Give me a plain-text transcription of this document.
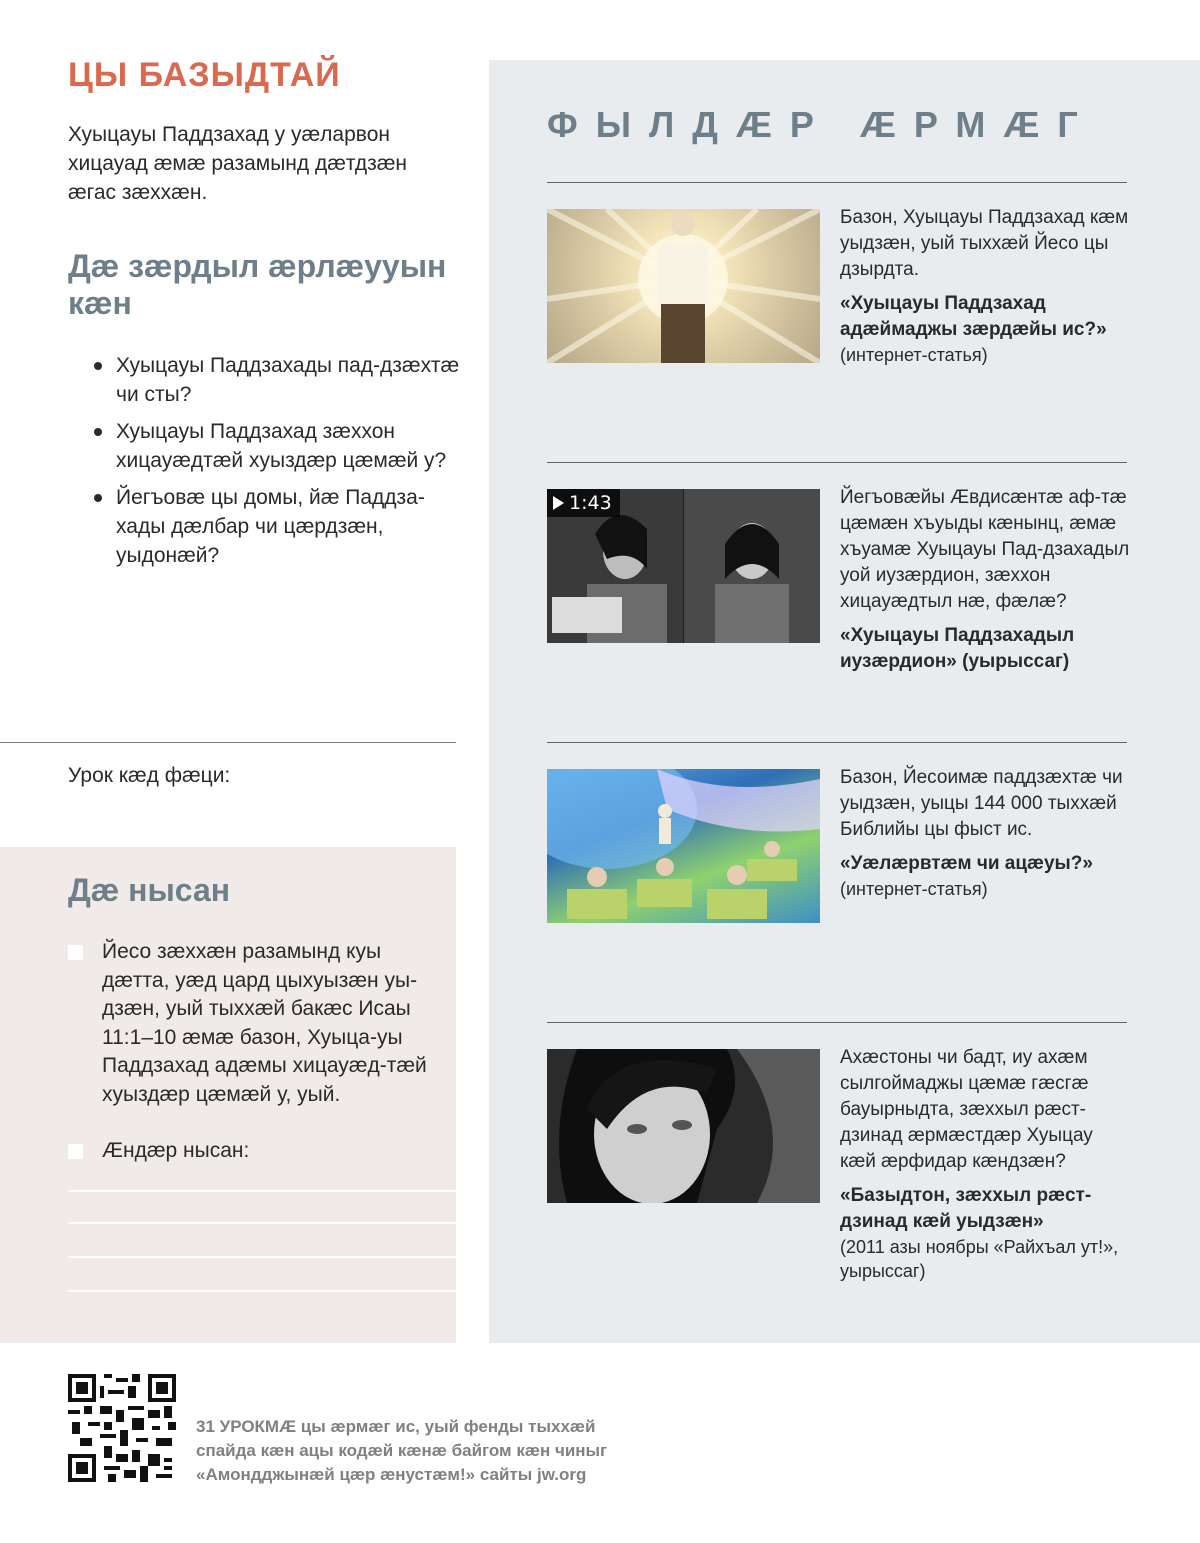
ЦЫ БАЗЫДТАЙ

Хуыцауы Паддзахад у уæларвон хицауад æмæ разамынд дæтдзæн æгас зæххæн.

Дæ зæрдыл æрлæууын кæн
Хуыцауы Паддзахады пад-дзæхтæ чи сты?
Хуыцауы Паддзахад зæххон хицауæдтæй хуыздæр цæмæй у?
Йегъовæ цы домы, йæ Паддза-хады дæлбар чи цæрдзæн, уыдонæй?
Урок кæд фæци:
Дæ нысан
Йесо зæххæн разамынд куы дæтта, уæд цард цыхуызæн уы-дзæн, уый тыххæй бакæс Исаы 11:1–10 æмæ базон, Хуыца-уы Паддзахад адæмы хицауæд-тæй хуыздæр цæмæй у, уый.
Æндæр нысан:
ФЫЛДÆР ÆРМÆГ
Базон, Хуыцауы Паддзахад кæм уыдзæн, уый тыххæй Йесо цы дзырдта.
«Хуыцауы Паддзахад адæймаджы зæрдæйы ис?»
(интернет-статья)
1:43	Йегъовæйы Æвдисæнтæ аф-тæ цæмæн хъуыды кæнынц, æмæ хъуамæ Хуыцауы Пад-дзахадыл уой иузæрдион, зæххон хицауæдтыл нæ, фæлæ?
«Хуыцауы Паддзахадыл иузæрдион» (уырыссаг)
Базон, Йесоимæ паддзæхтæ чи уыдзæн, уыцы 144 000 тыххæй Библийы цы фыст ис.
«Уæлæрвтæм чи ацæуы?»
(интернет-статья)
Ахæстоны чи бадт, иу ахæм сылгоймаджы цæмæ гæсгæ бауырныдта, зæххыл рæст-дзинад æрмæстдæр Хуыцау кæй æрфидар кæндзæн?
«Базыдтон, зæххыл рæст-дзинад кæй уыдзæн»
(2011 азы ноябры «Райхъал ут!», уырыссаг)

31 УРОКМÆ цы æрмæг ис, уый фенды тыххæй спайда кæн ацы кодæй кæнæ байгом кæн чиныг «Амондджынæй цæр æнустæм!» сайты jw.org
